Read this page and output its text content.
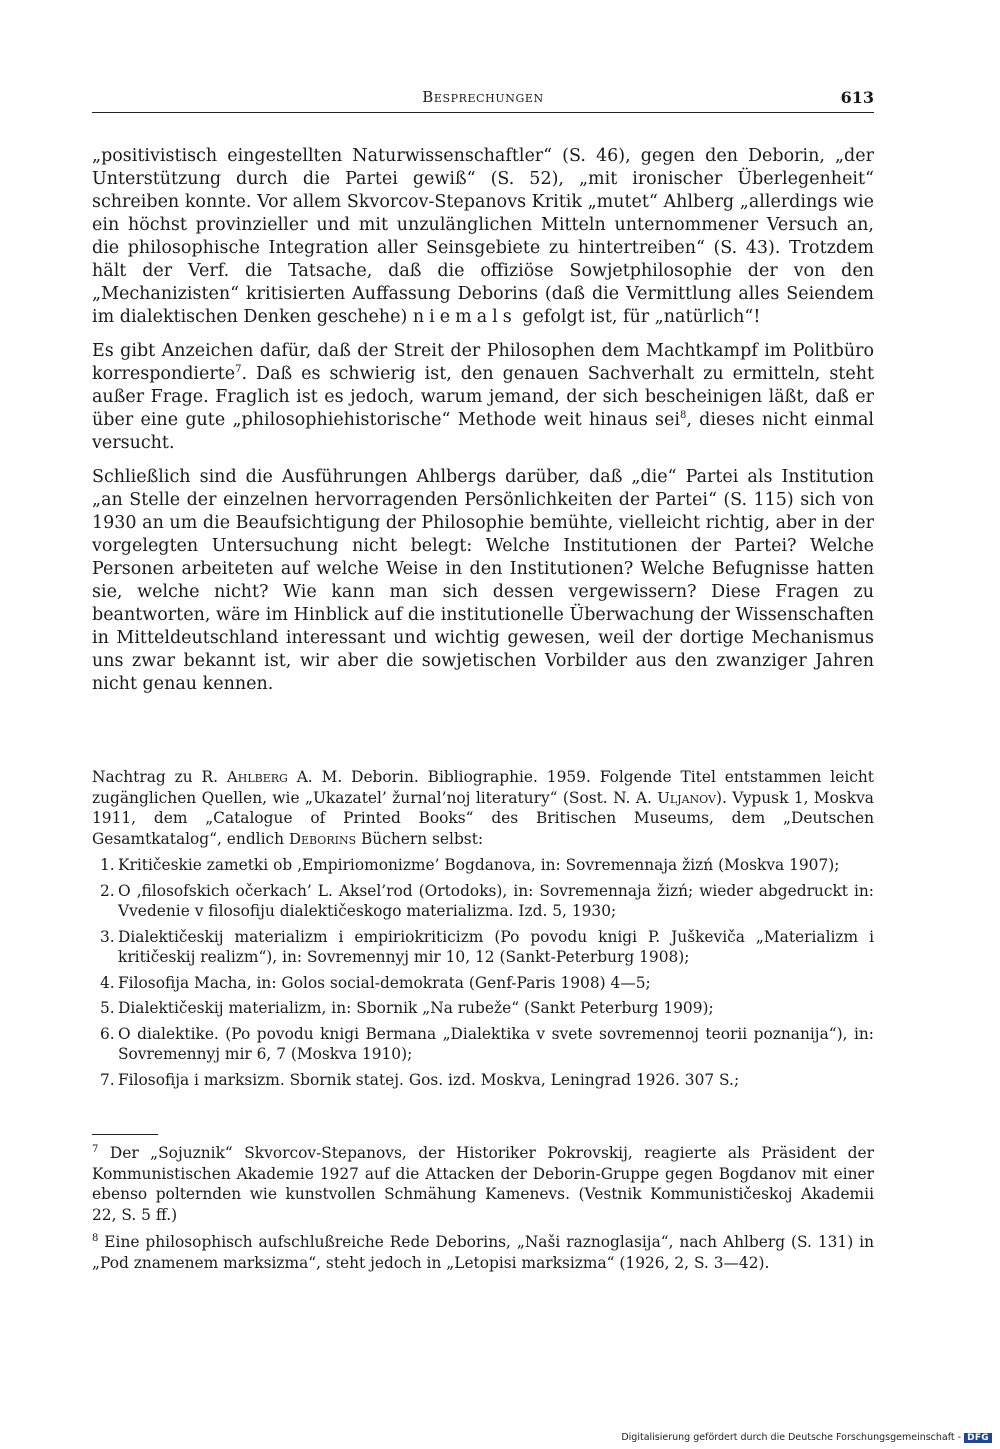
Besprechungen	613

„positivistisch eingestellten Naturwissenschaftler“ (S. 46), gegen den Deborin, „der Unterstützung durch die Partei gewiß“ (S. 52), „mit ironischer Überlegenheit“ schreiben konnte. Vor allem Skvorcov-Stepanovs Kritik „mutet“ Ahlberg „allerdings wie ein höchst provinzieller und mit unzulänglichen Mitteln unternommener Versuch an, die philosophische Integration aller Seinsgebiete zu hintertreiben“ (S. 43). Trotzdem hält der Verf. die Tatsache, daß die offiziöse Sowjetphilosophie der von den „Mechanizisten“ kritisierten Auffassung Deborins (daß die Vermittlung alles Seiendem im dialektischen Denken geschehe) niemals gefolgt ist, für „natürlich“!

Es gibt Anzeichen dafür, daß der Streit der Philosophen dem Machtkampf im Politbüro korrespondierte$^7$. Daß es schwierig ist, den genauen Sachverhalt zu ermitteln, steht außer Frage. Fraglich ist es jedoch, warum jemand, der sich bescheinigen läßt, daß er über eine gute „philosophiehistorische“ Methode weit hinaus sei$^8$, dieses nicht einmal versucht.

Schließlich sind die Ausführungen Ahlbergs darüber, daß „die“ Partei als Institution „an Stelle der einzelnen hervorragenden Persönlichkeiten der Partei“ (S. 115) sich von 1930 an um die Beaufsichtigung der Philosophie bemühte, vielleicht richtig, aber in der vorgelegten Untersuchung nicht belegt: Welche Institutionen der Partei? Welche Personen arbeiteten auf welche Weise in den Institutionen? Welche Befugnisse hatten sie, welche nicht? Wie kann man sich dessen vergewissern? Diese Fragen zu beantworten, wäre im Hinblick auf die institutionelle Überwachung der Wissenschaften in Mitteldeutschland interessant und wichtig gewesen, weil der dortige Mechanismus uns zwar bekannt ist, wir aber die sowjetischen Vorbilder aus den zwanziger Jahren nicht genau kennen.

Nachtrag zu R. Ahlberg A. M. Deborin. Bibliographie. 1959. Folgende Titel entstammen leicht zugänglichen Quellen, wie „Ukazatel’ žurnal’noj literatury“ (Sost. N. A. Uljanov). Vypusk 1, Moskva 1911, dem „Catalogue of Printed Books“ des Britischen Museums, dem „Deutschen Gesamtkatalog“, endlich Deborins Büchern selbst:

1. Kritičeskie zametki ob ‚Empiriomonizme’ Bogdanova, in: Sovremennaja žizń (Moskva 1907);
2. O ‚filosofskich očerkach’ L. Aksel’rod (Ortodoks), in: Sovremennaja žizń; wieder abgedruckt in: Vvedenie v filosofiju dialektičeskogo materializma. Izd. 5, 1930;
3. Dialektičeskij materializm i empiriokriticizm (Po povodu knigi P. Juškeviča „Materializm i kritičeskij realizm“), in: Sovremennyj mir 10, 12 (Sankt-Peterburg 1908);
4. Filosofija Macha, in: Golos social-demokrata (Genf-Paris 1908) 4—5;
5. Dialektičeskij materializm, in: Sbornik „Na rubeže“ (Sankt Peterburg 1909);
6. O dialektike. (Po povodu knigi Bermana „Dialektika v svete sovremennoj teorii poznanija“), in: Sovremennyj mir 6, 7 (Moskva 1910);
7. Filosofija i marksizm. Sbornik statej. Gos. izd. Moskva, Leningrad 1926. 307 S.;

$^7$ Der „Sojuznik“ Skvorcov-Stepanovs, der Historiker Pokrovskij, reagierte als Präsident der Kommunistischen Akademie 1927 auf die Attacken der Deborin-Gruppe gegen Bogdanov mit einer ebenso polternden wie kunstvollen Schmähung Kamenevs. (Vestnik Kommunističeskoj Akademii 22, S. 5 ff.)

$^8$ Eine philosophisch aufschlußreiche Rede Deborins, „Naši raznoglasija“, nach Ahlberg (S. 131) in „Pod znamenem marksizma“, steht jedoch in „Letopisi marksizma“ (1926, 2, S. 3—42).

Digitalisierung gefördert durch die Deutsche Forschungsgemeinschaft - DFG
